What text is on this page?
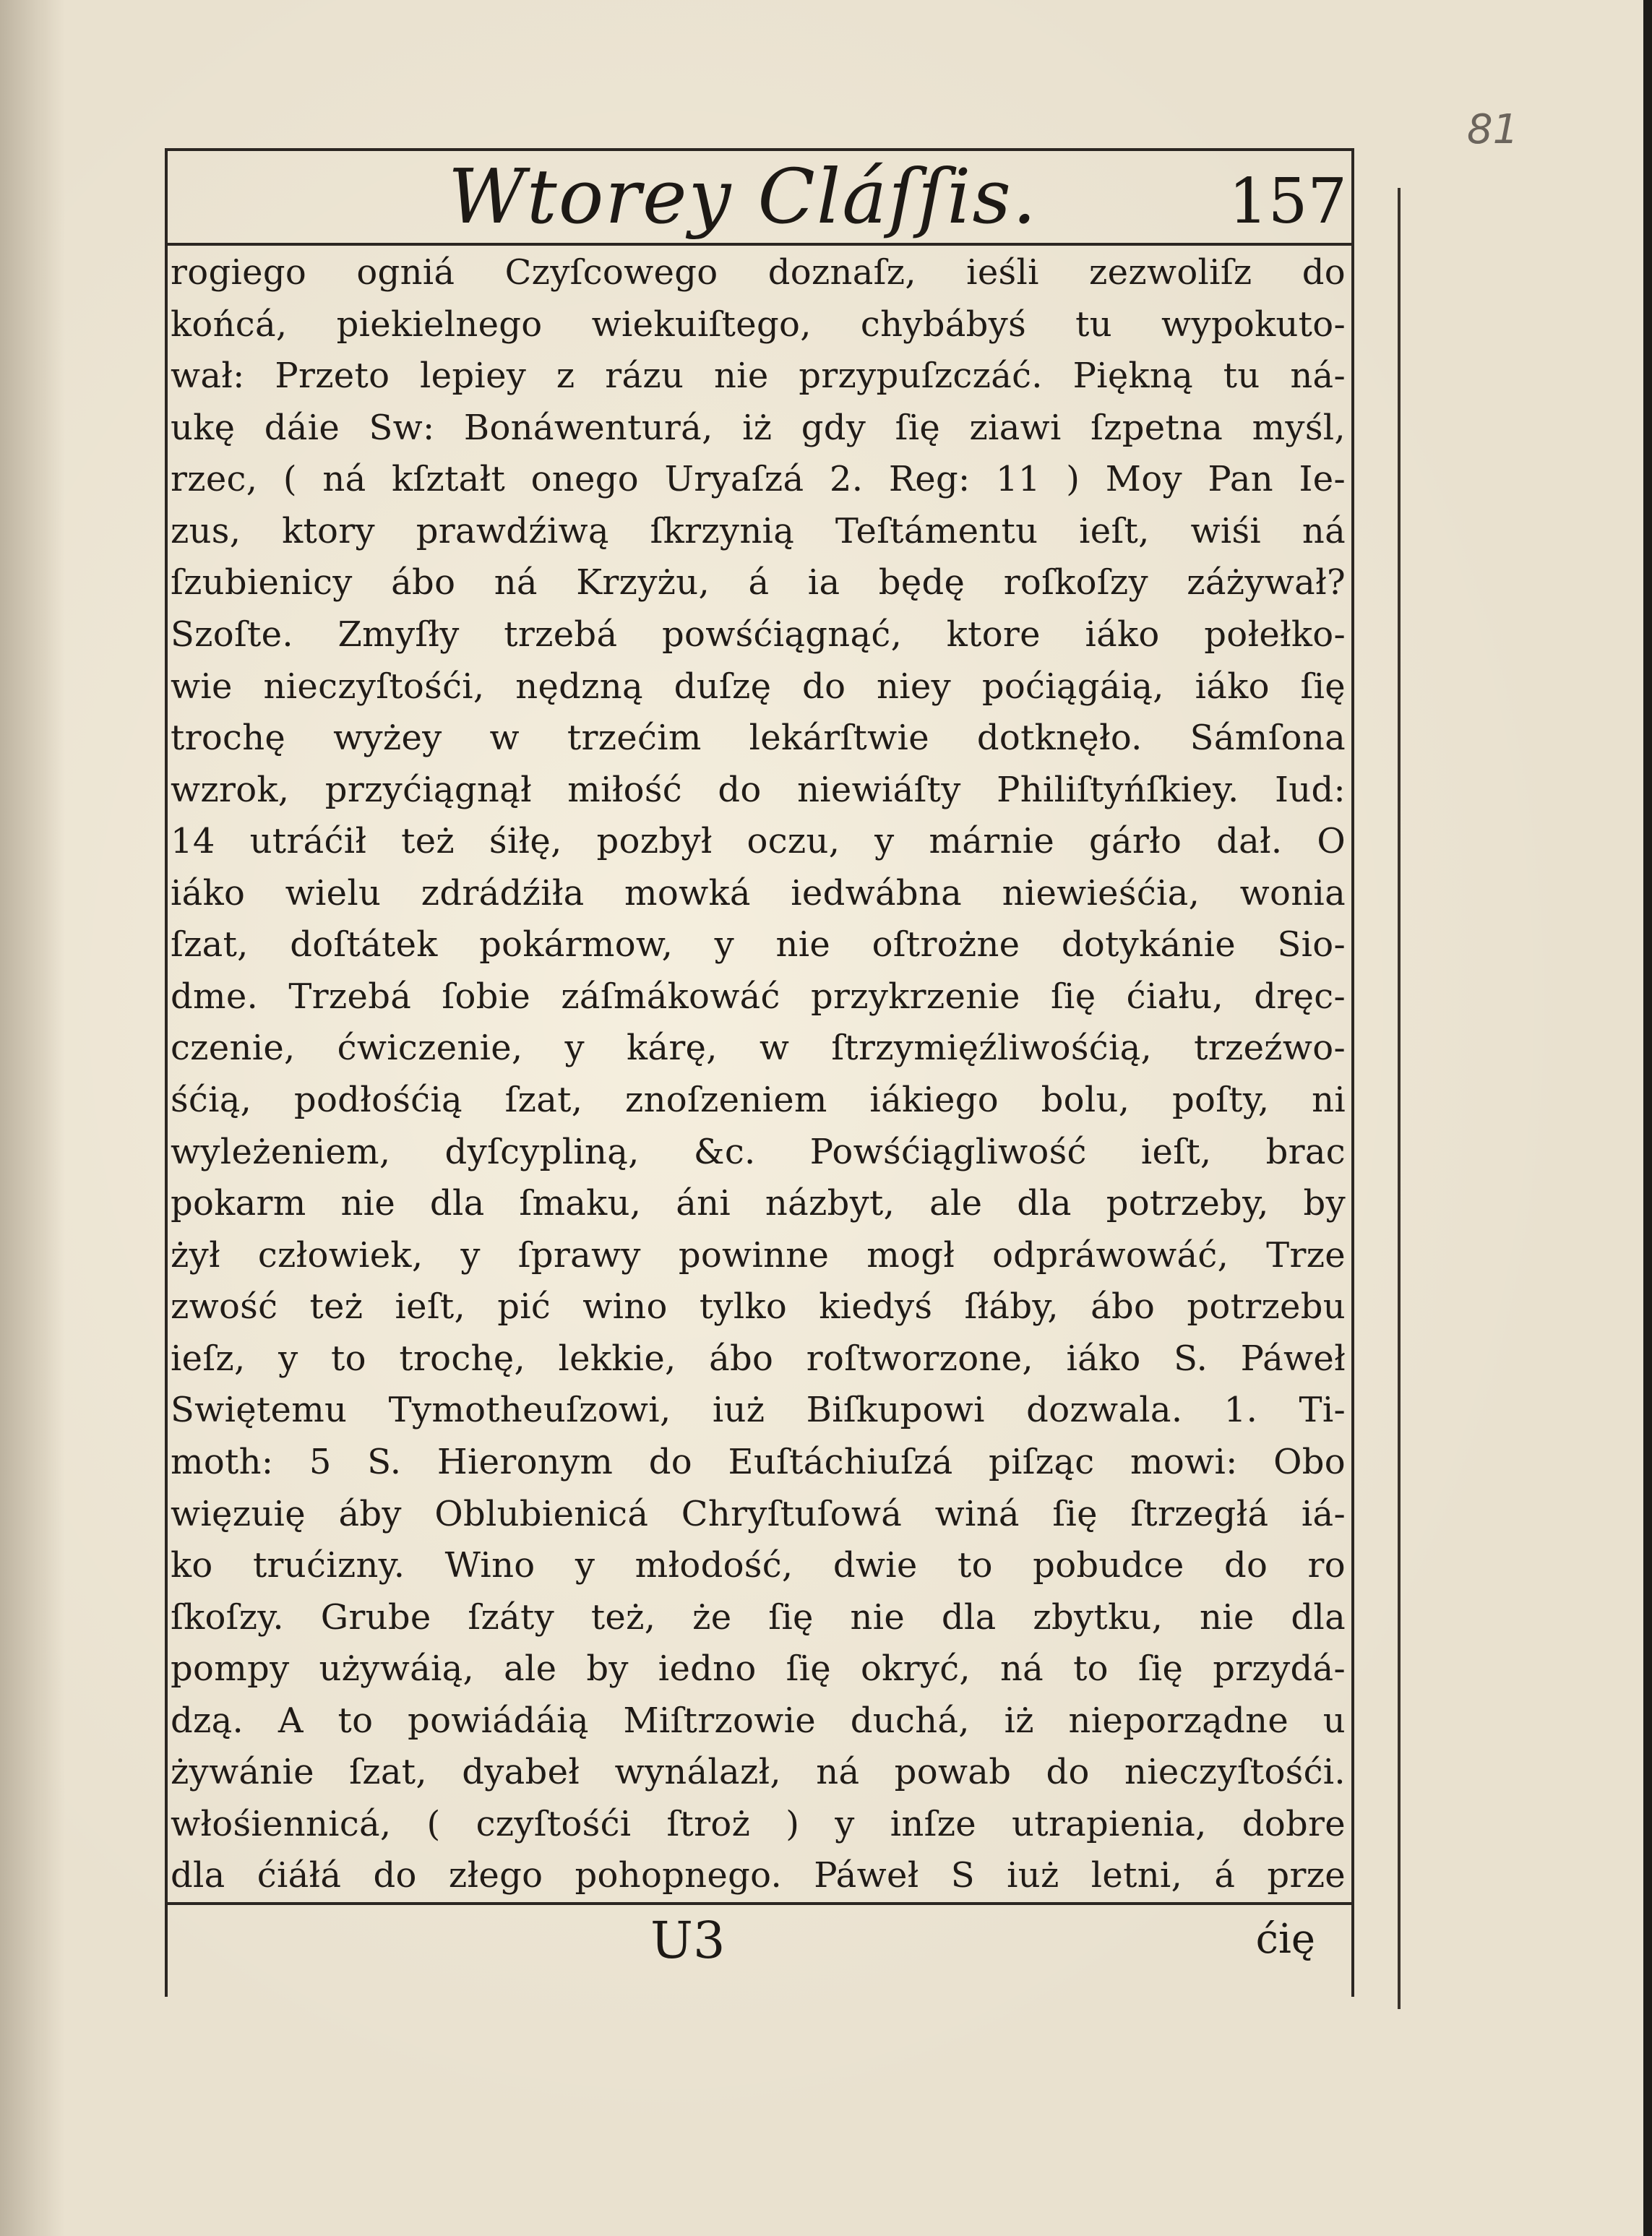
81
Wtorey Cláſſis.	157
rogiego ogniá Czyſcowego doznaſz, ieśli zezwoliſz do
końcá, piekielnego wiekuiſtego, chybábyś tu wypokuto-
wał: Przeto lepiey z rázu nie przypuſzczáć. Piękną tu ná-
ukę dáie Sw: Bonáwenturá, iż gdy ſię ziawi ſzpetna myśl,
rzec, ( ná kſztałt onego Uryaſzá 2. Reg: 11 ) Moy Pan Ie-
zus, ktory prawdźiwą ſkrzynią Teſtámentu ieſt, wiśi ná
ſzubienicy ábo ná Krzyżu, á ia będę roſkoſzy záżywał?
Szoſte. Zmyſły trzebá powśćiągnąć, ktore iáko połełko-
wie nieczyſtośći, nędzną duſzę do niey poćiągáią, iáko ſię
trochę wyżey w trzećim lekárſtwie dotknęło. Sámſona
wzrok, przyćiągnął miłość do niewiáſty Philiſtyńſkiey. Iud:
14 utráćił też śiłę, pozbył oczu, y márnie gárło dał. O
iáko wielu zdrádźiła mowká iedwábna niewieśćia, wonia
ſzat, doſtátek pokármow, y nie oſtrożne dotykánie Sio-
dme. Trzebá ſobie záſmákowáć przykrzenie ſię ćiału, dręc-
czenie, ćwiczenie, y kárę, w ſtrzymięźliwośćią, trzeźwo-
śćią, podłośćią ſzat, znoſzeniem iákiego bolu, poſty, ni
wyleżeniem, dyſcypliną, &c. Powśćiągliwość ieſt, brac
pokarm nie dla ſmaku, áni názbyt, ale dla potrzeby, by
żył człowiek, y ſprawy powinne mogł odpráwowáć, Trze
zwość też ieſt, pić wino tylko kiedyś ſłáby, ábo potrzebu
ieſz, y to trochę, lekkie, ábo roſtworzone, iáko S. Páweł
Swiętemu Tymotheuſzowi, iuż Biſkupowi dozwala. 1. Ti-
moth: 5 S. Hieronym do Euſtáchiuſzá piſząc mowi: Obo
więzuię áby Oblubienicá Chryſtuſowá winá ſię ſtrzegłá iá-
ko trućizny. Wino y młodość, dwie to pobudce do ro
ſkoſzy. Grube ſzáty też, że ſię nie dla zbytku, nie dla
pompy używáią, ale by iedno ſię okryć, ná to ſię przydá-
dzą. A to powiádáią Miſtrzowie duchá, iż nieporządne u
żywánie ſzat, dyabeł wynálazł, ná powab do nieczyſtośći.
włośiennicá, ( czyſtośći ſtroż ) y inſze utrapienia, dobre
dla ćiáłá do złego pohopnego. Páweł S iuż letni, á prze
U3	ćię
